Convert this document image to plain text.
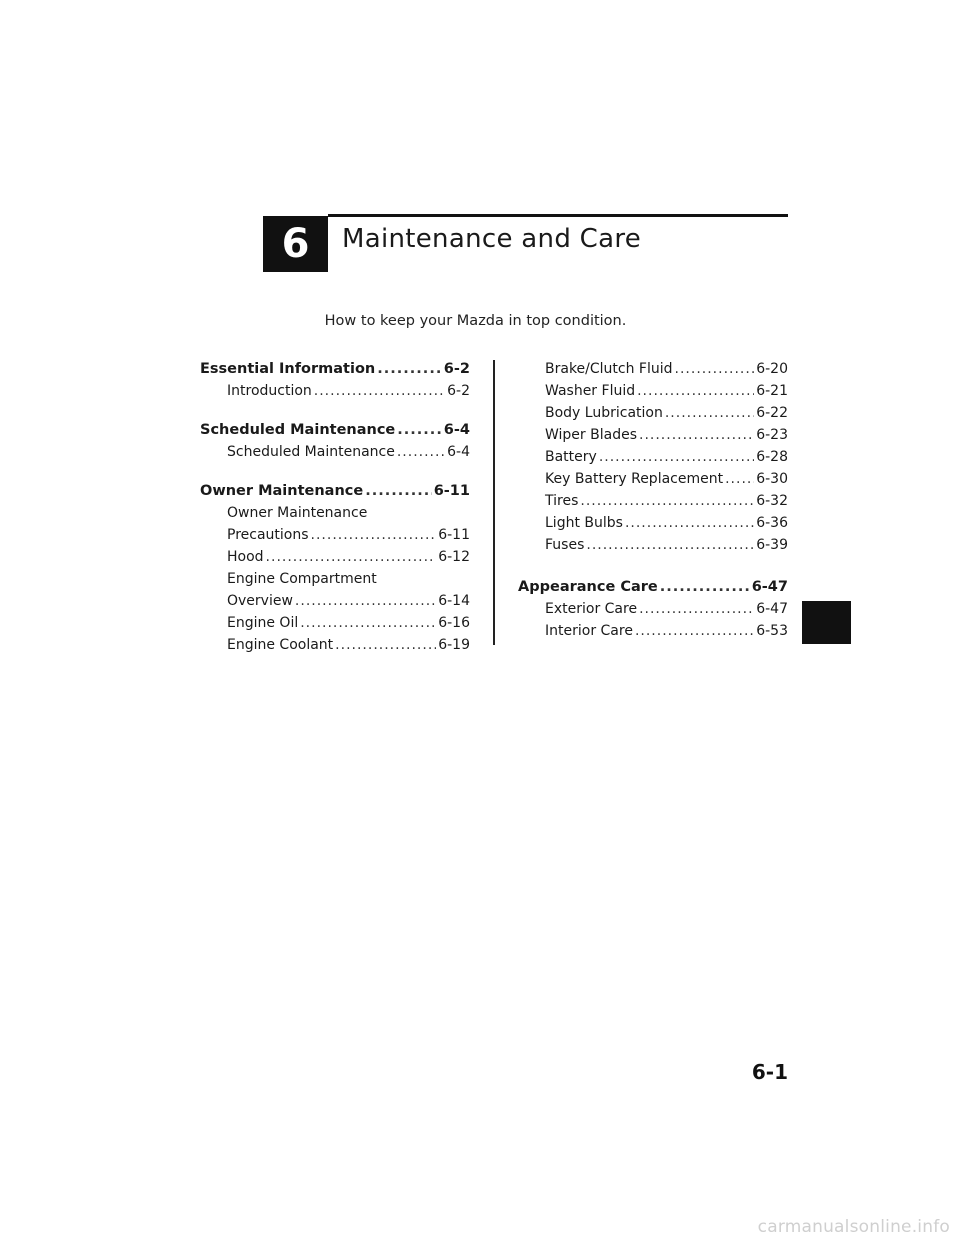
6	Maintenance and Care
How to keep your Mazda in top condition.
Essential Information .....	6-2
Introduction .....	6-2
Scheduled Maintenance .....	6-4
Scheduled Maintenance .....	6-4
Owner Maintenance .....	6-11
Owner Maintenance
Precautions .....	6-11
Hood .....	6-12
Engine Compartment
Overview .....	6-14
Engine Oil .....	6-16
Engine Coolant .....	6-19
Brake/Clutch Fluid .....	6-20
Washer Fluid .....	6-21
Body Lubrication .....	6-22
Wiper Blades .....	6-23
Battery .....	6-28
Key Battery Replacement ..... 6-30
Tires .....	6-32
Light Bulbs .....	6-36
Fuses .....	6-39
Appearance Care .....	6-47
Exterior Care .....	6-47
Interior Care .....	6-53
6-1
carmanualsonline.info
